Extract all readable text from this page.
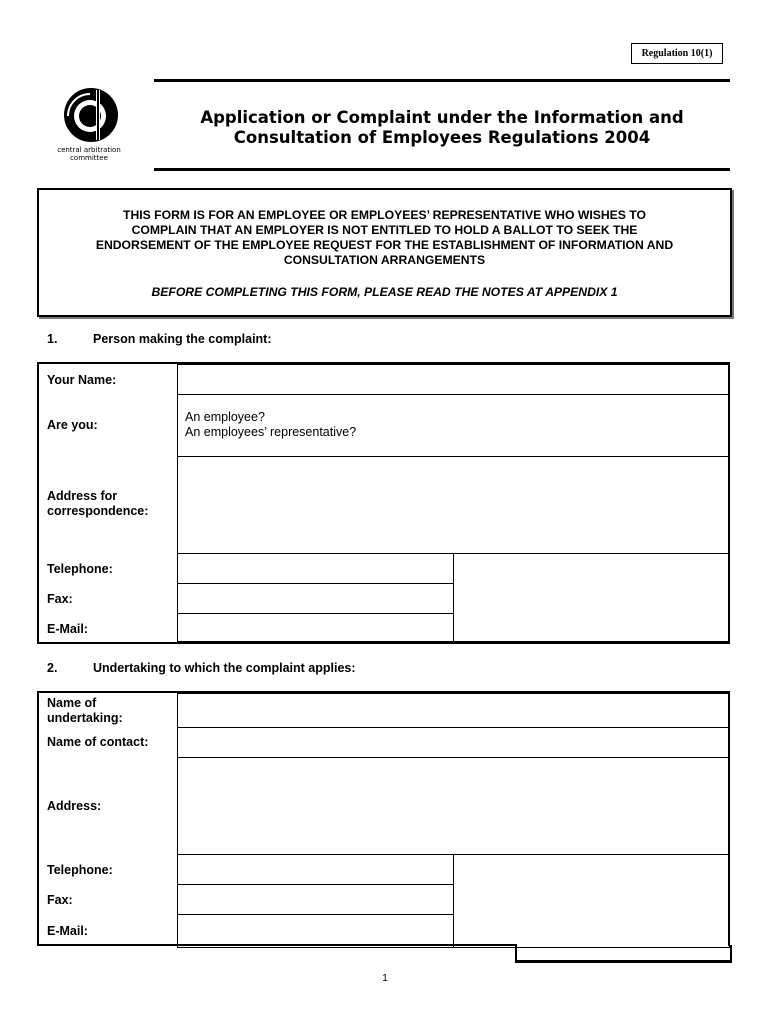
Regulation 10(1)
central arbitration
committee
Application or Complaint under the Information and
Consultation of Employees Regulations 2004
THIS FORM IS FOR AN EMPLOYEE OR EMPLOYEES’ REPRESENTATIVE WHO WISHES TO
COMPLAIN THAT AN EMPLOYER IS NOT ENTITLED TO HOLD A BALLOT TO SEEK THE
ENDORSEMENT OF THE EMPLOYEE REQUEST FOR THE ESTABLISHMENT OF INFORMATION AND
CONSULTATION ARRANGEMENTS
BEFORE COMPLETING THIS FORM, PLEASE READ THE NOTES AT APPENDIX 1
1.	Person making the complaint:
Your Name:
Are you:
Address for
correspondence:
Telephone:
Fax:
E-Mail:
An employee?
An employees’ representative?
2.	Undertaking to which the complaint applies:
Name of
undertaking:
Name of contact:
Address:
Telephone:
Fax:
E-Mail:
1
